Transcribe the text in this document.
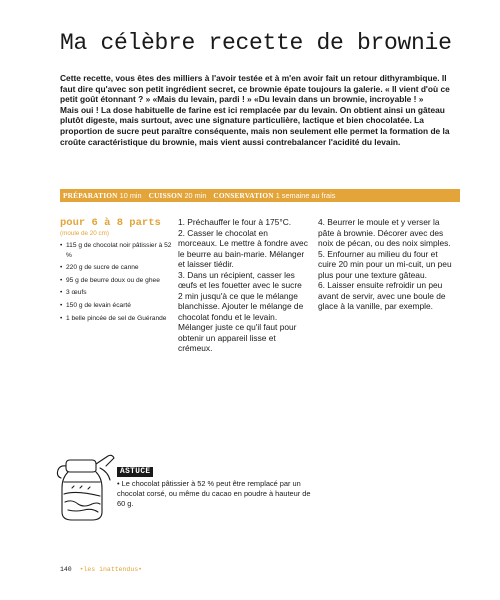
Ma célèbre recette de brownie

Cette recette, vous êtes des milliers à l'avoir testée et à m'en avoir fait un retour dithyrambique. Il faut dire qu'avec son petit ingrédient secret, ce brownie épate toujours la galerie. « Il vient d'où ce petit goût étonnant ? » «Mais du levain, pardi ! » «Du levain dans un brownie, incroyable ! »

Mais oui ! La dose habituelle de farine est ici remplacée par du levain. On obtient ainsi un gâteau plutôt digeste, mais surtout, avec une signature particulière, lactique et bien chocolatée. La proportion de sucre peut paraître conséquente, mais non seulement elle permet la formation de la croûte caractéristique du brownie, mais vient aussi contrebalancer l'acidité du levain.

PRÉPARATION 10 min CUISSON 20 min CONSERVATION 1 semaine au frais
pour 6 à 8 parts
(moule de 20 cm)
• 115 g de chocolat noir pâtissier à 52 %
• 220 g de sucre de canne
• 95 g de beurre doux ou de ghee
• 3 œufs
• 150 g de levain écarté
• 1 belle pincée de sel de Guérande

1. Préchauffer le four à 175°C.

2. Casser le chocolat en morceaux. Le mettre à fondre avec le beurre au bain-marie. Mélanger et laisser tiédir.

3. Dans un récipient, casser les œufs et les fouetter avec le sucre 2 min jusqu'à ce que le mélange blanchisse. Ajouter le mélange de chocolat fondu et le levain. Mélanger juste ce qu'il faut pour obtenir un appareil lisse et crémeux.

4. Beurrer le moule et y verser la pâte à brownie. Décorer avec des noix de pécan, ou des noix simples.

5. Enfourner au milieu du four et cuire 20 min pour un mi-cuit, un peu plus pour une texture gâteau.

6. Laisser ensuite refroidir un peu avant de servir, avec une boule de glace à la vanille, par exemple.

ASTUCE
• Le chocolat pâtissier à 52 % peut être remplacé par un chocolat corsé, ou même du cacao en poudre à hauteur de 60 g.
140 •les inattendus•
